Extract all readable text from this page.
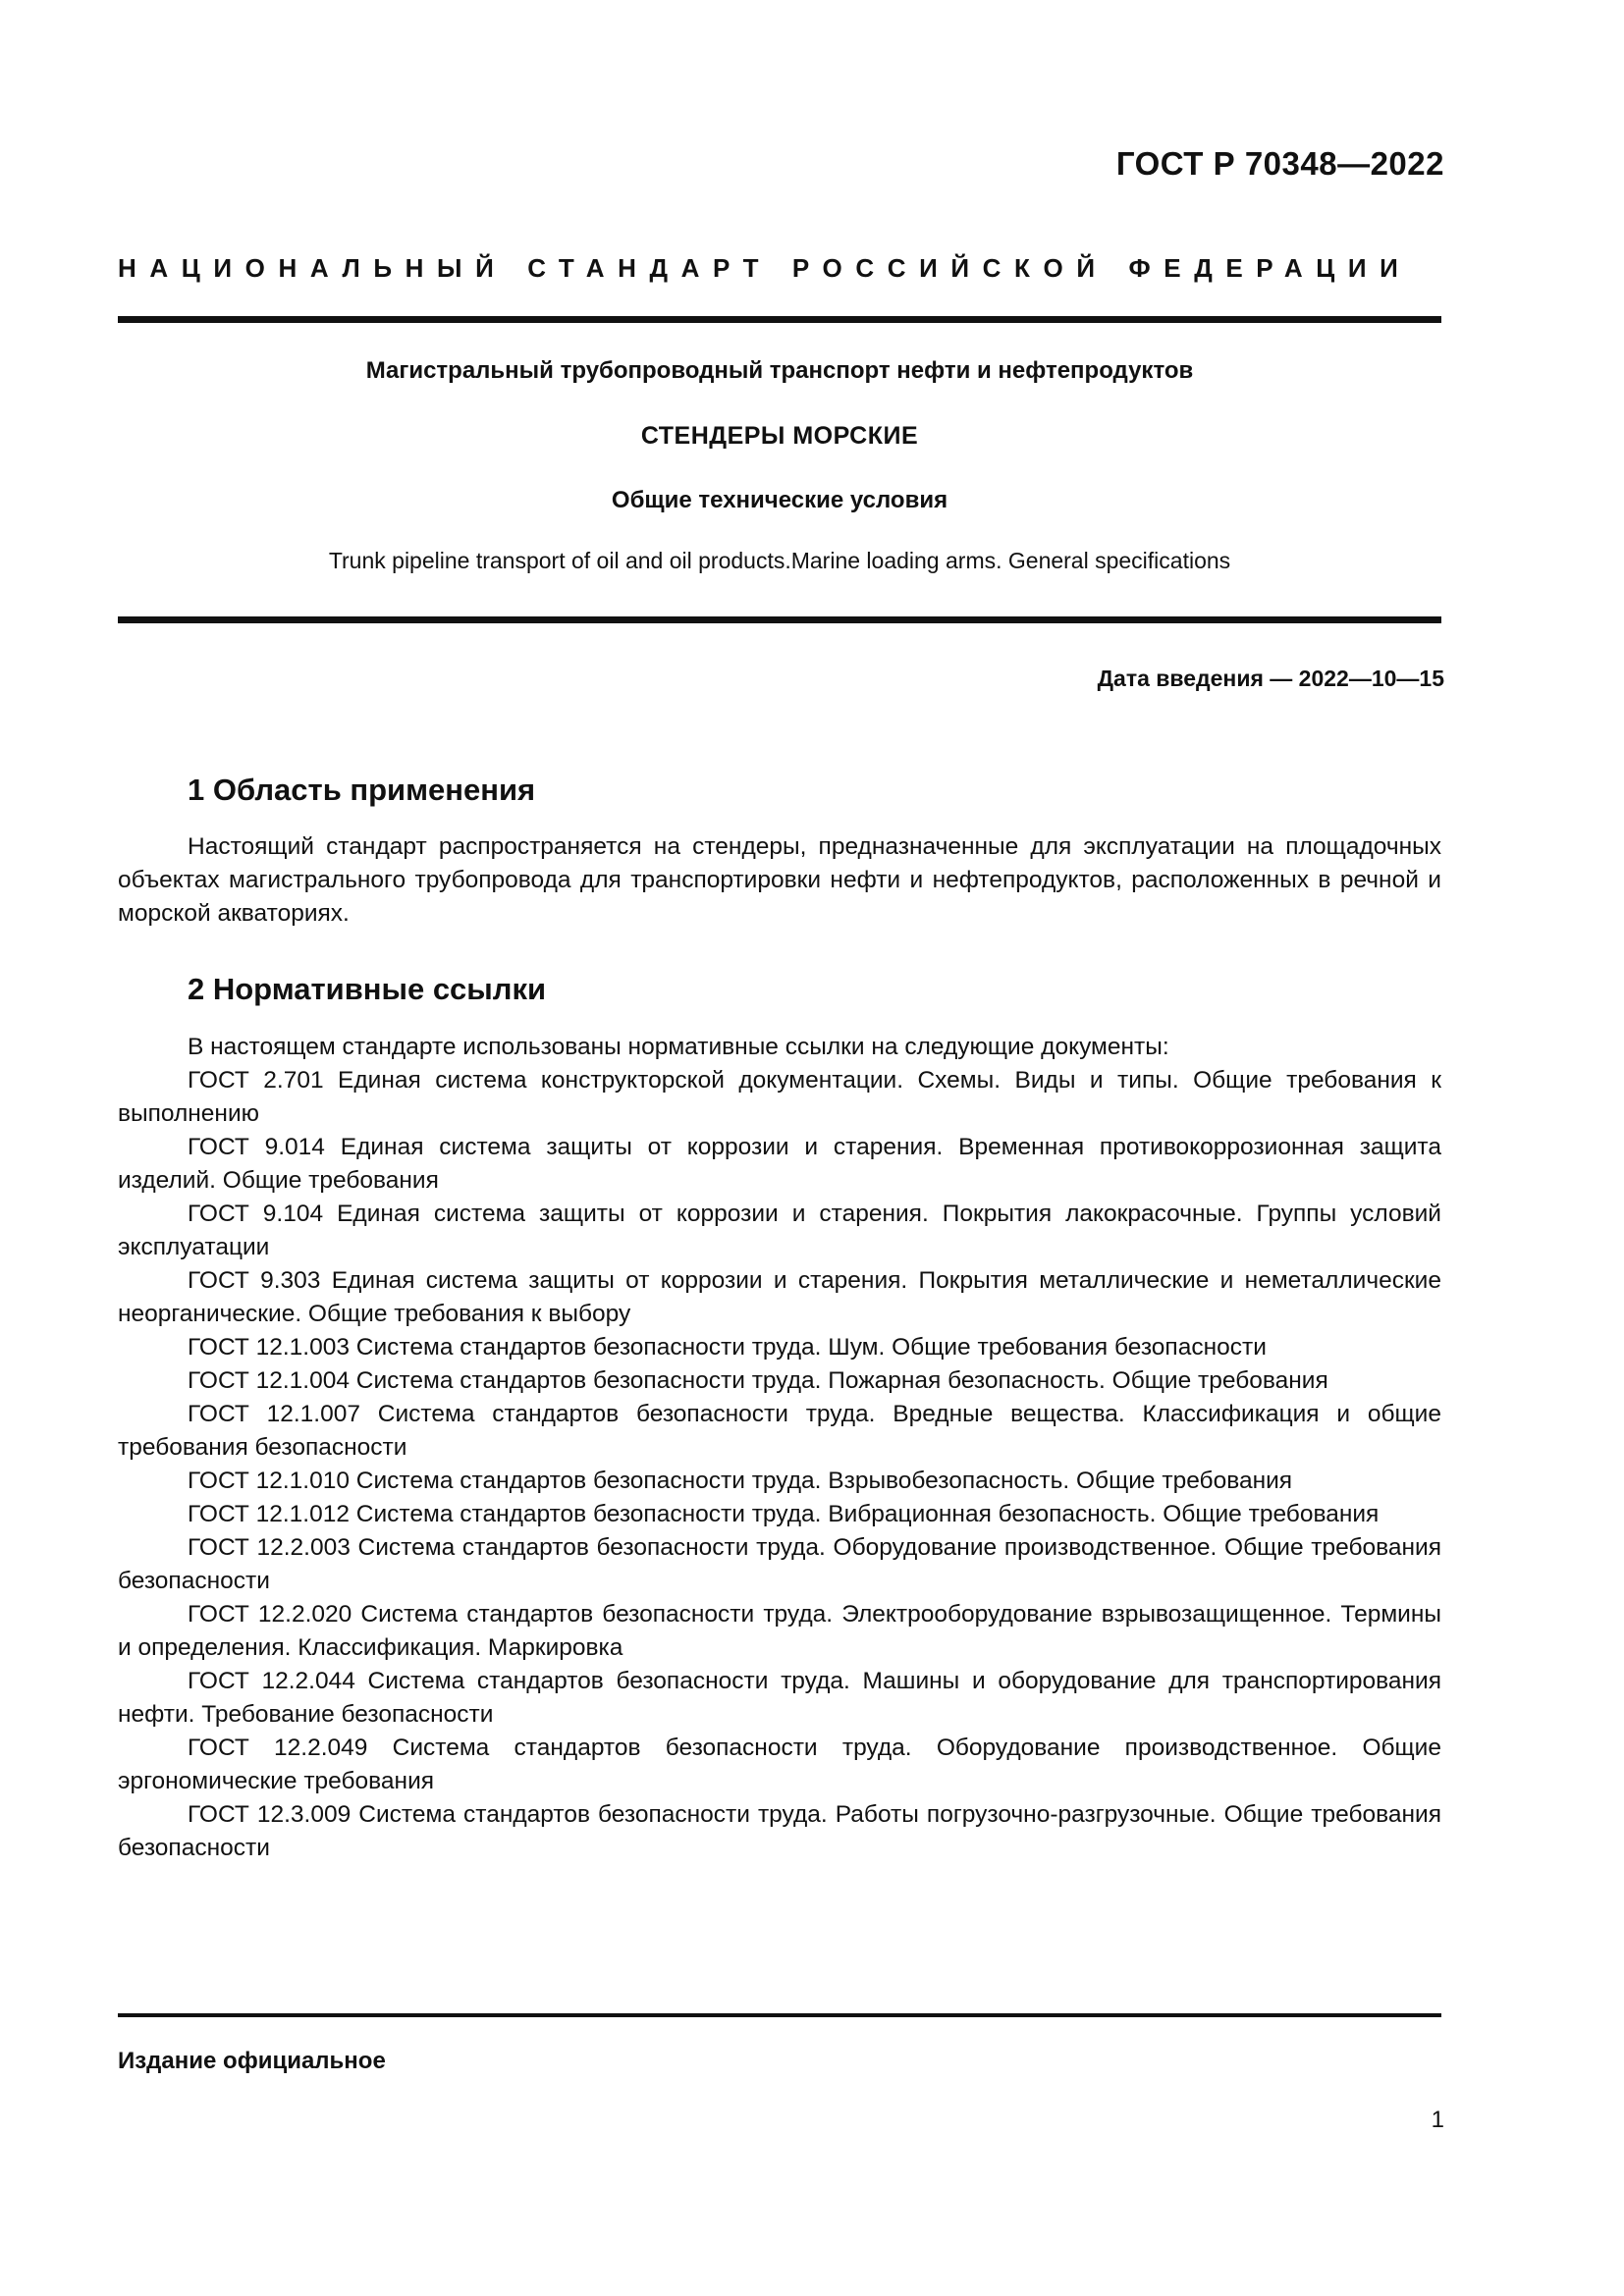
ГОСТ Р 70348—2022
НАЦИОНАЛЬНЫЙ СТАНДАРТ РОССИЙСКОЙ ФЕДЕРАЦИИ
Магистральный трубопроводный транспорт нефти и нефтепродуктов
СТЕНДЕРЫ МОРСКИЕ
Общие технические условия
Trunk pipeline transport of oil and oil products.Marine loading arms. General specifications
Дата введения — 2022—10—15
1 Область применения

Настоящий стандарт распространяется на стендеры, предназначенные для эксплуатации на площадочных объектах магистрального трубопровода для транспортировки нефти и нефтепродуктов, расположенных в речной и морской акваториях.

2 Нормативные ссылки

В настоящем стандарте использованы нормативные ссылки на следующие документы:

ГОСТ 2.701 Единая система конструкторской документации. Схемы. Виды и типы. Общие требования к выполнению

ГОСТ 9.014 Единая система защиты от коррозии и старения. Временная противокоррозионная защита изделий. Общие требования

ГОСТ 9.104 Единая система защиты от коррозии и старения. Покрытия лакокрасочные. Группы условий эксплуатации

ГОСТ 9.303 Единая система защиты от коррозии и старения. Покрытия металлические и неметаллические неорганические. Общие требования к выбору

ГОСТ 12.1.003 Система стандартов безопасности труда. Шум. Общие требования безопасности

ГОСТ 12.1.004 Система стандартов безопасности труда. Пожарная безопасность. Общие требования

ГОСТ 12.1.007 Система стандартов безопасности труда. Вредные вещества. Классификация и общие требования безопасности

ГОСТ 12.1.010 Система стандартов безопасности труда. Взрывобезопасность. Общие требования

ГОСТ 12.1.012 Система стандартов безопасности труда. Вибрационная безопасность. Общие требования

ГОСТ 12.2.003 Система стандартов безопасности труда. Оборудование производственное. Общие требования безопасности

ГОСТ 12.2.020 Система стандартов безопасности труда. Электрооборудование взрывозащищенное. Термины и определения. Классификация. Маркировка

ГОСТ 12.2.044 Система стандартов безопасности труда. Машины и оборудование для транспортирования нефти. Требование безопасности

ГОСТ 12.2.049 Система стандартов безопасности труда. Оборудование производственное. Общие эргономические требования

ГОСТ 12.3.009 Система стандартов безопасности труда. Работы погрузочно-разгрузочные. Общие требования безопасности

Издание официальное
1
